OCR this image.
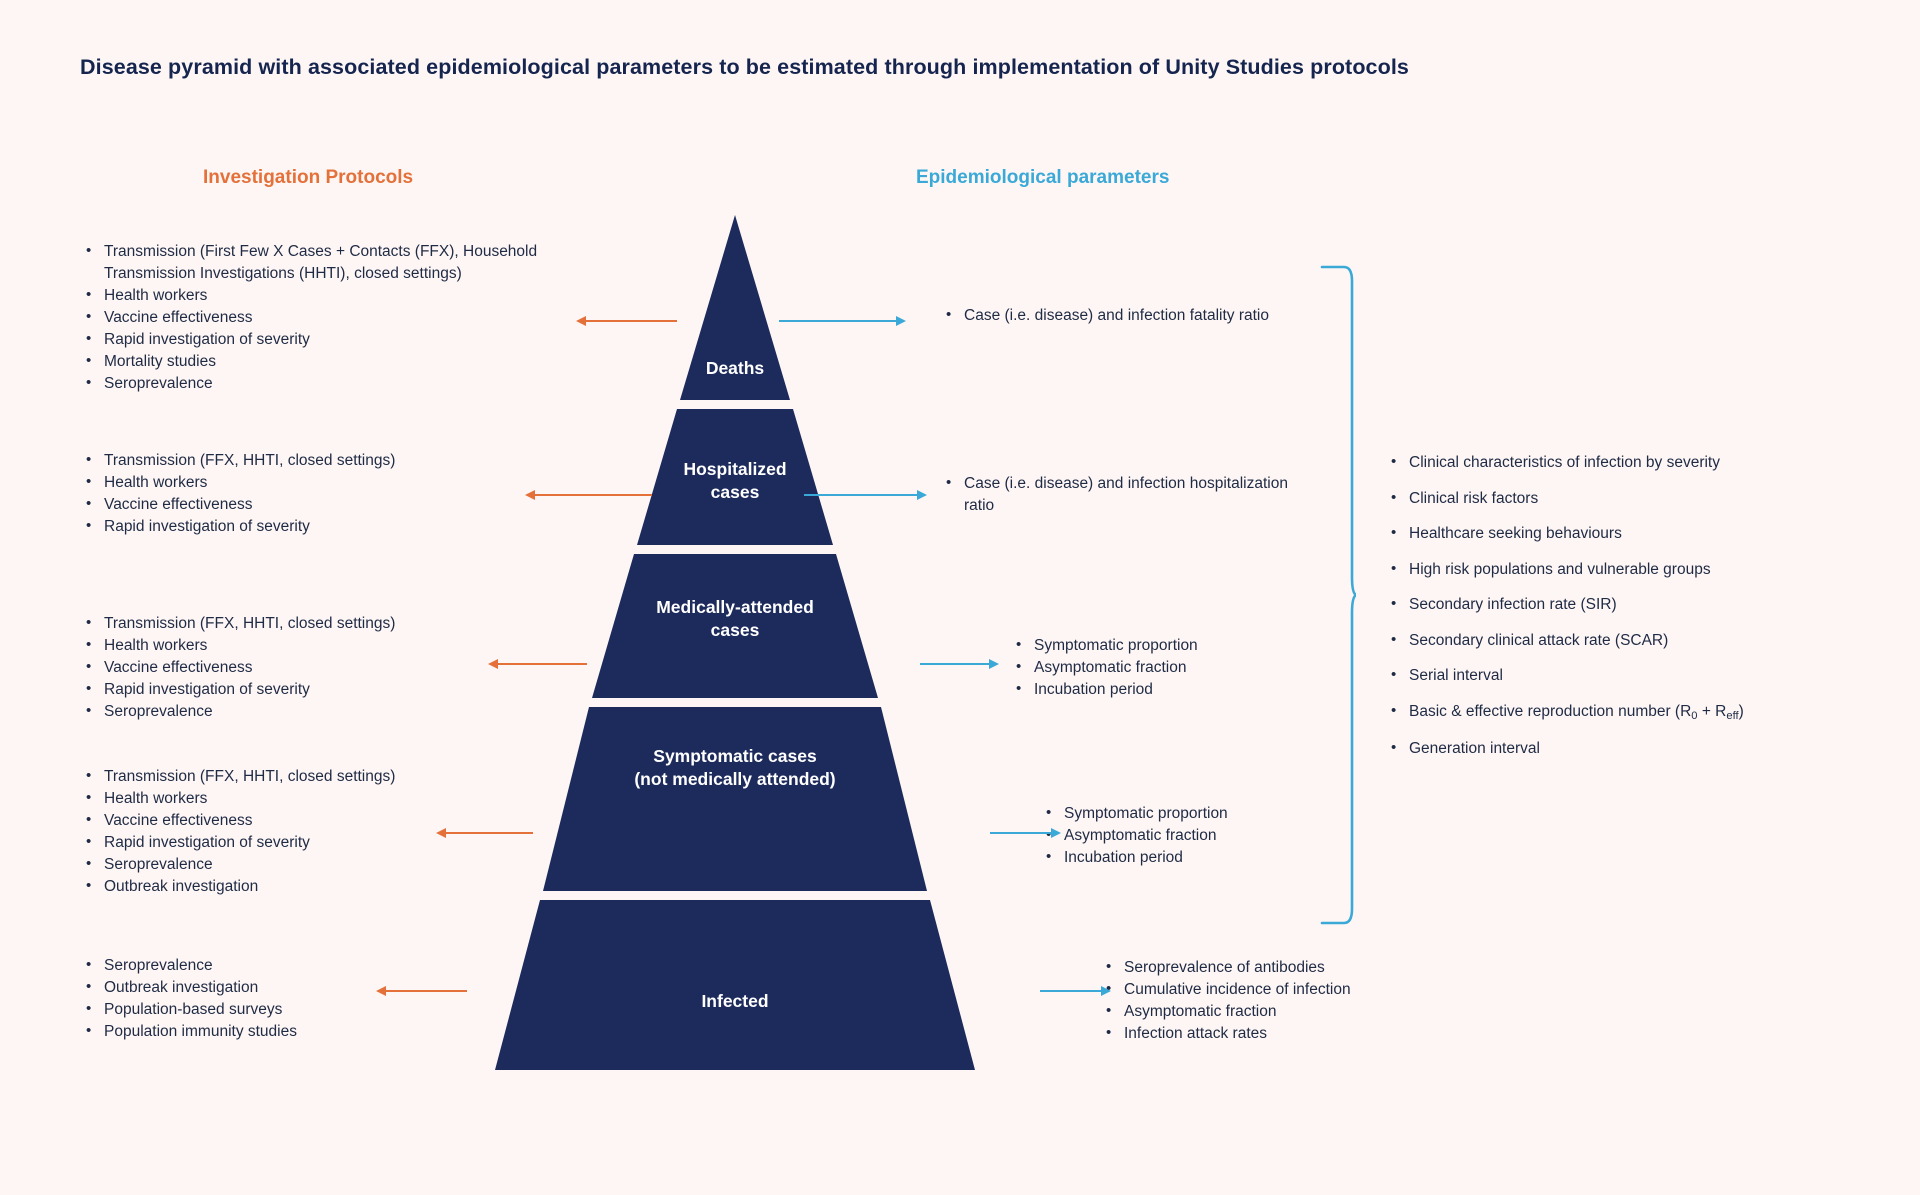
Disease pyramid with associated epidemiological parameters to be estimated through implementation of Unity Studies protocols
Investigation Protocols	Epidemiological parameters
Deaths
Hospitalized
cases
Medically-attended
cases
Symptomatic cases
(not medically attended)
Infected
• Transmission (First Few X Cases + Contacts (FFX), Household Transmission Investigations (HHTI), closed settings)
• Health workers
• Vaccine effectiveness
• Rapid investigation of severity
• Mortality studies
• Seroprevalence
• Transmission (FFX, HHTI, closed settings)
• Health workers
• Vaccine effectiveness
• Rapid investigation of severity
• Transmission (FFX, HHTI, closed settings)
• Health workers
• Vaccine effectiveness
• Rapid investigation of severity
• Seroprevalence
• Transmission (FFX, HHTI, closed settings)
• Health workers
• Vaccine effectiveness
• Rapid investigation of severity
• Seroprevalence
• Outbreak investigation
• Seroprevalence
• Outbreak investigation
• Population-based surveys
• Population immunity studies
• Case (i.e. disease) and infection fatality ratio
• Case (i.e. disease) and infection hospitalization ratio
• Symptomatic proportion
• Asymptomatic fraction
• Incubation period
• Symptomatic proportion
• Asymptomatic fraction
• Incubation period
• Seroprevalence of antibodies
• Cumulative incidence of infection
• Asymptomatic fraction
• Infection attack rates
• Clinical characteristics of infection by severity
• Clinical risk factors
• Healthcare seeking behaviours
• High risk populations and vulnerable groups
• Secondary infection rate (SIR)
• Secondary clinical attack rate (SCAR)
• Serial interval
• Basic & effective reproduction number $(R_0 + R_{eff})$
• Generation interval
